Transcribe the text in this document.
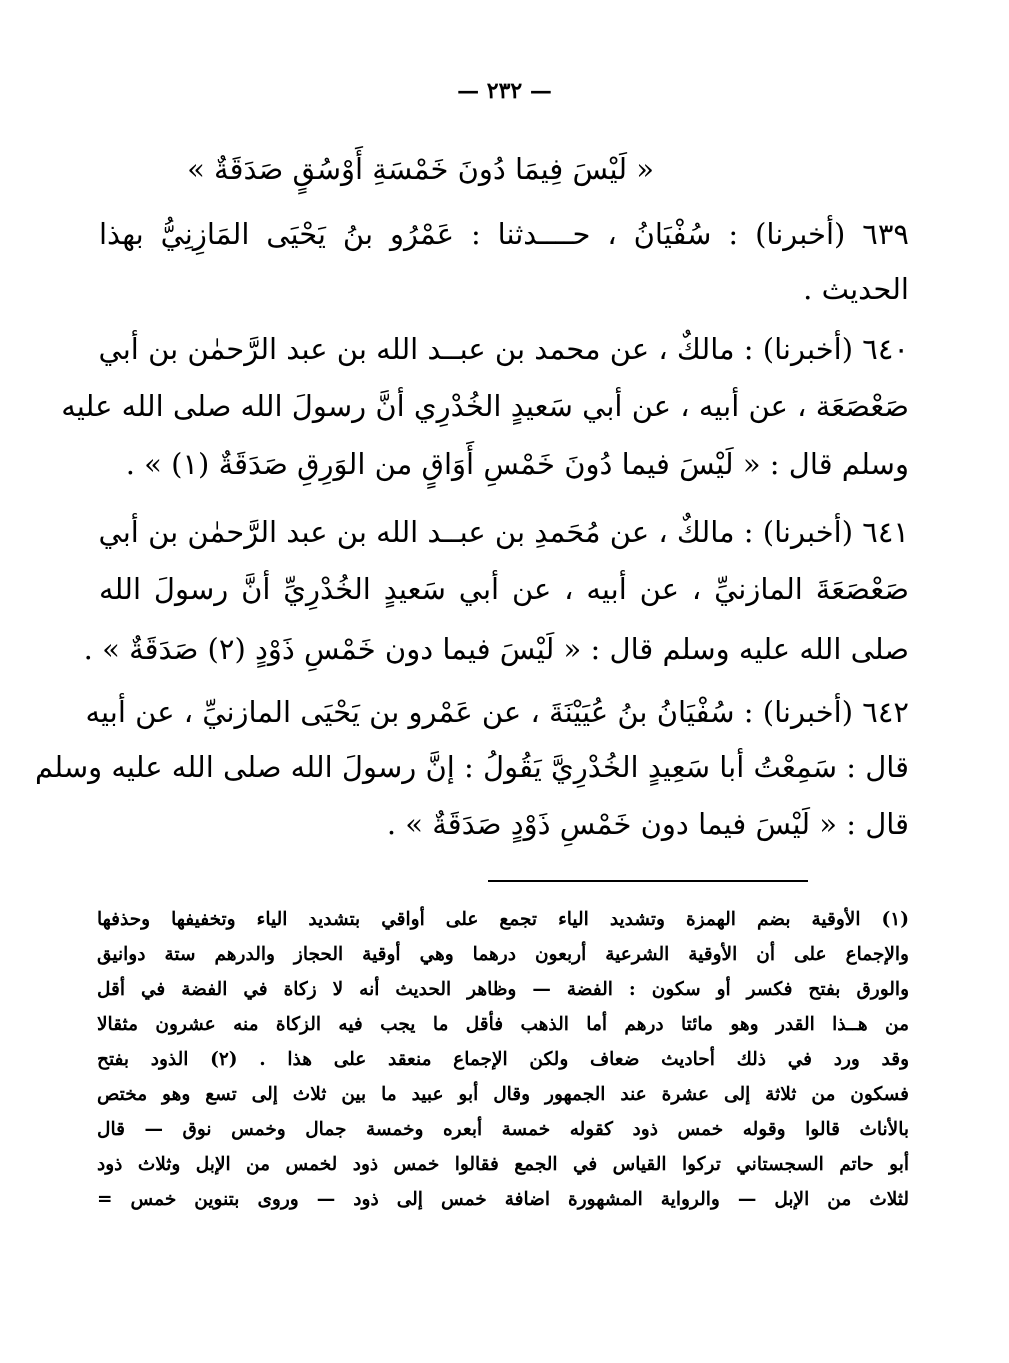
— ٢٣٢ —
« لَيْسَ فِيمَا دُونَ خَمْسَةِ أَوْسُقٍ صَدَقَةٌ »
٦٣٩ (أخبرنا) : سُفْيَانُ ، حــــدثنا : عَمْرُو بنُ يَحْيَى المَازِنِيُّ بهذا
الحديث .
٦٤٠ (أخبرنا) : مالكٌ ، عن محمد بن عبــد الله بن عبد الرَّحمٰن بن أبي
صَعْصَعَة ، عن أبيه ، عن أبي سَعيدٍ الخُدْرِي أنَّ رسولَ الله صلى الله عليه
وسلم قال : « لَيْسَ فيما دُونَ خَمْسِ أَوَاقٍ من الوَرِقِ صَدَقَةٌ (١) » .
٦٤١ (أخبرنا) : مالكٌ ، عن مُحَمدِ بن عبــد الله بن عبد الرَّحمٰن بن أبي
صَعْصَعَةَ المازنيِّ ، عن أبيه ، عن أبي سَعيدٍ الخُدْرِيِّ أنَّ رسولَ الله
صلى الله عليه وسلم قال : « لَيْسَ فيما دون خَمْسِ ذَوْدٍ (٢) صَدَقَةٌ » .
٦٤٢ (أخبرنا) : سُفْيَانُ بنُ عُيَيْنَةَ ، عن عَمْرو بن يَحْيَى المازنيِّ ، عن أبيه
قال : سَمِعْتُ أبا سَعِيدٍ الخُدْرِيَّ يَقُولُ : إنَّ رسولَ الله صلى الله عليه وسلم
قال : « لَيْسَ فيما دون خَمْسِ ذَوْدٍ صَدَقَةٌ » .
(١) الأوقية بضم الهمزة وتشديد الياء تجمع على أواقي بتشديد الياء وتخفيفها وحذفها
والإجماع على أن الأوقية الشرعية أربعون درهما وهي أوقية الحجاز والدرهم ستة دوانيق
والورق بفتح فكسر أو سكون : الفضة — وظاهر الحديث أنه لا زكاة في الفضة في أقل
من هــذا القدر وهو مائتا درهم أما الذهب فأقل ما يجب فيه الزكاة منه عشرون مثقالا
وقد ورد في ذلك أحاديث ضعاف ولكن الإجماع منعقد على هذا . (٢) الذود بفتح
فسكون من ثلاثة إلى عشرة عند الجمهور وقال أبو عبيد ما بين ثلاث إلى تسع وهو مختص
بالأناث قالوا وقوله خمس ذود كقوله خمسة أبعره وخمسة جمال وخمس نوق — قال
أبو حاتم السجستاني تركوا القياس في الجمع فقالوا خمس ذود لخمس من الإبل وثلاث ذود
لثلاث من الإبل — والرواية المشهورة اضافة خمس إلى ذود — وروى بتنوين خمس =
